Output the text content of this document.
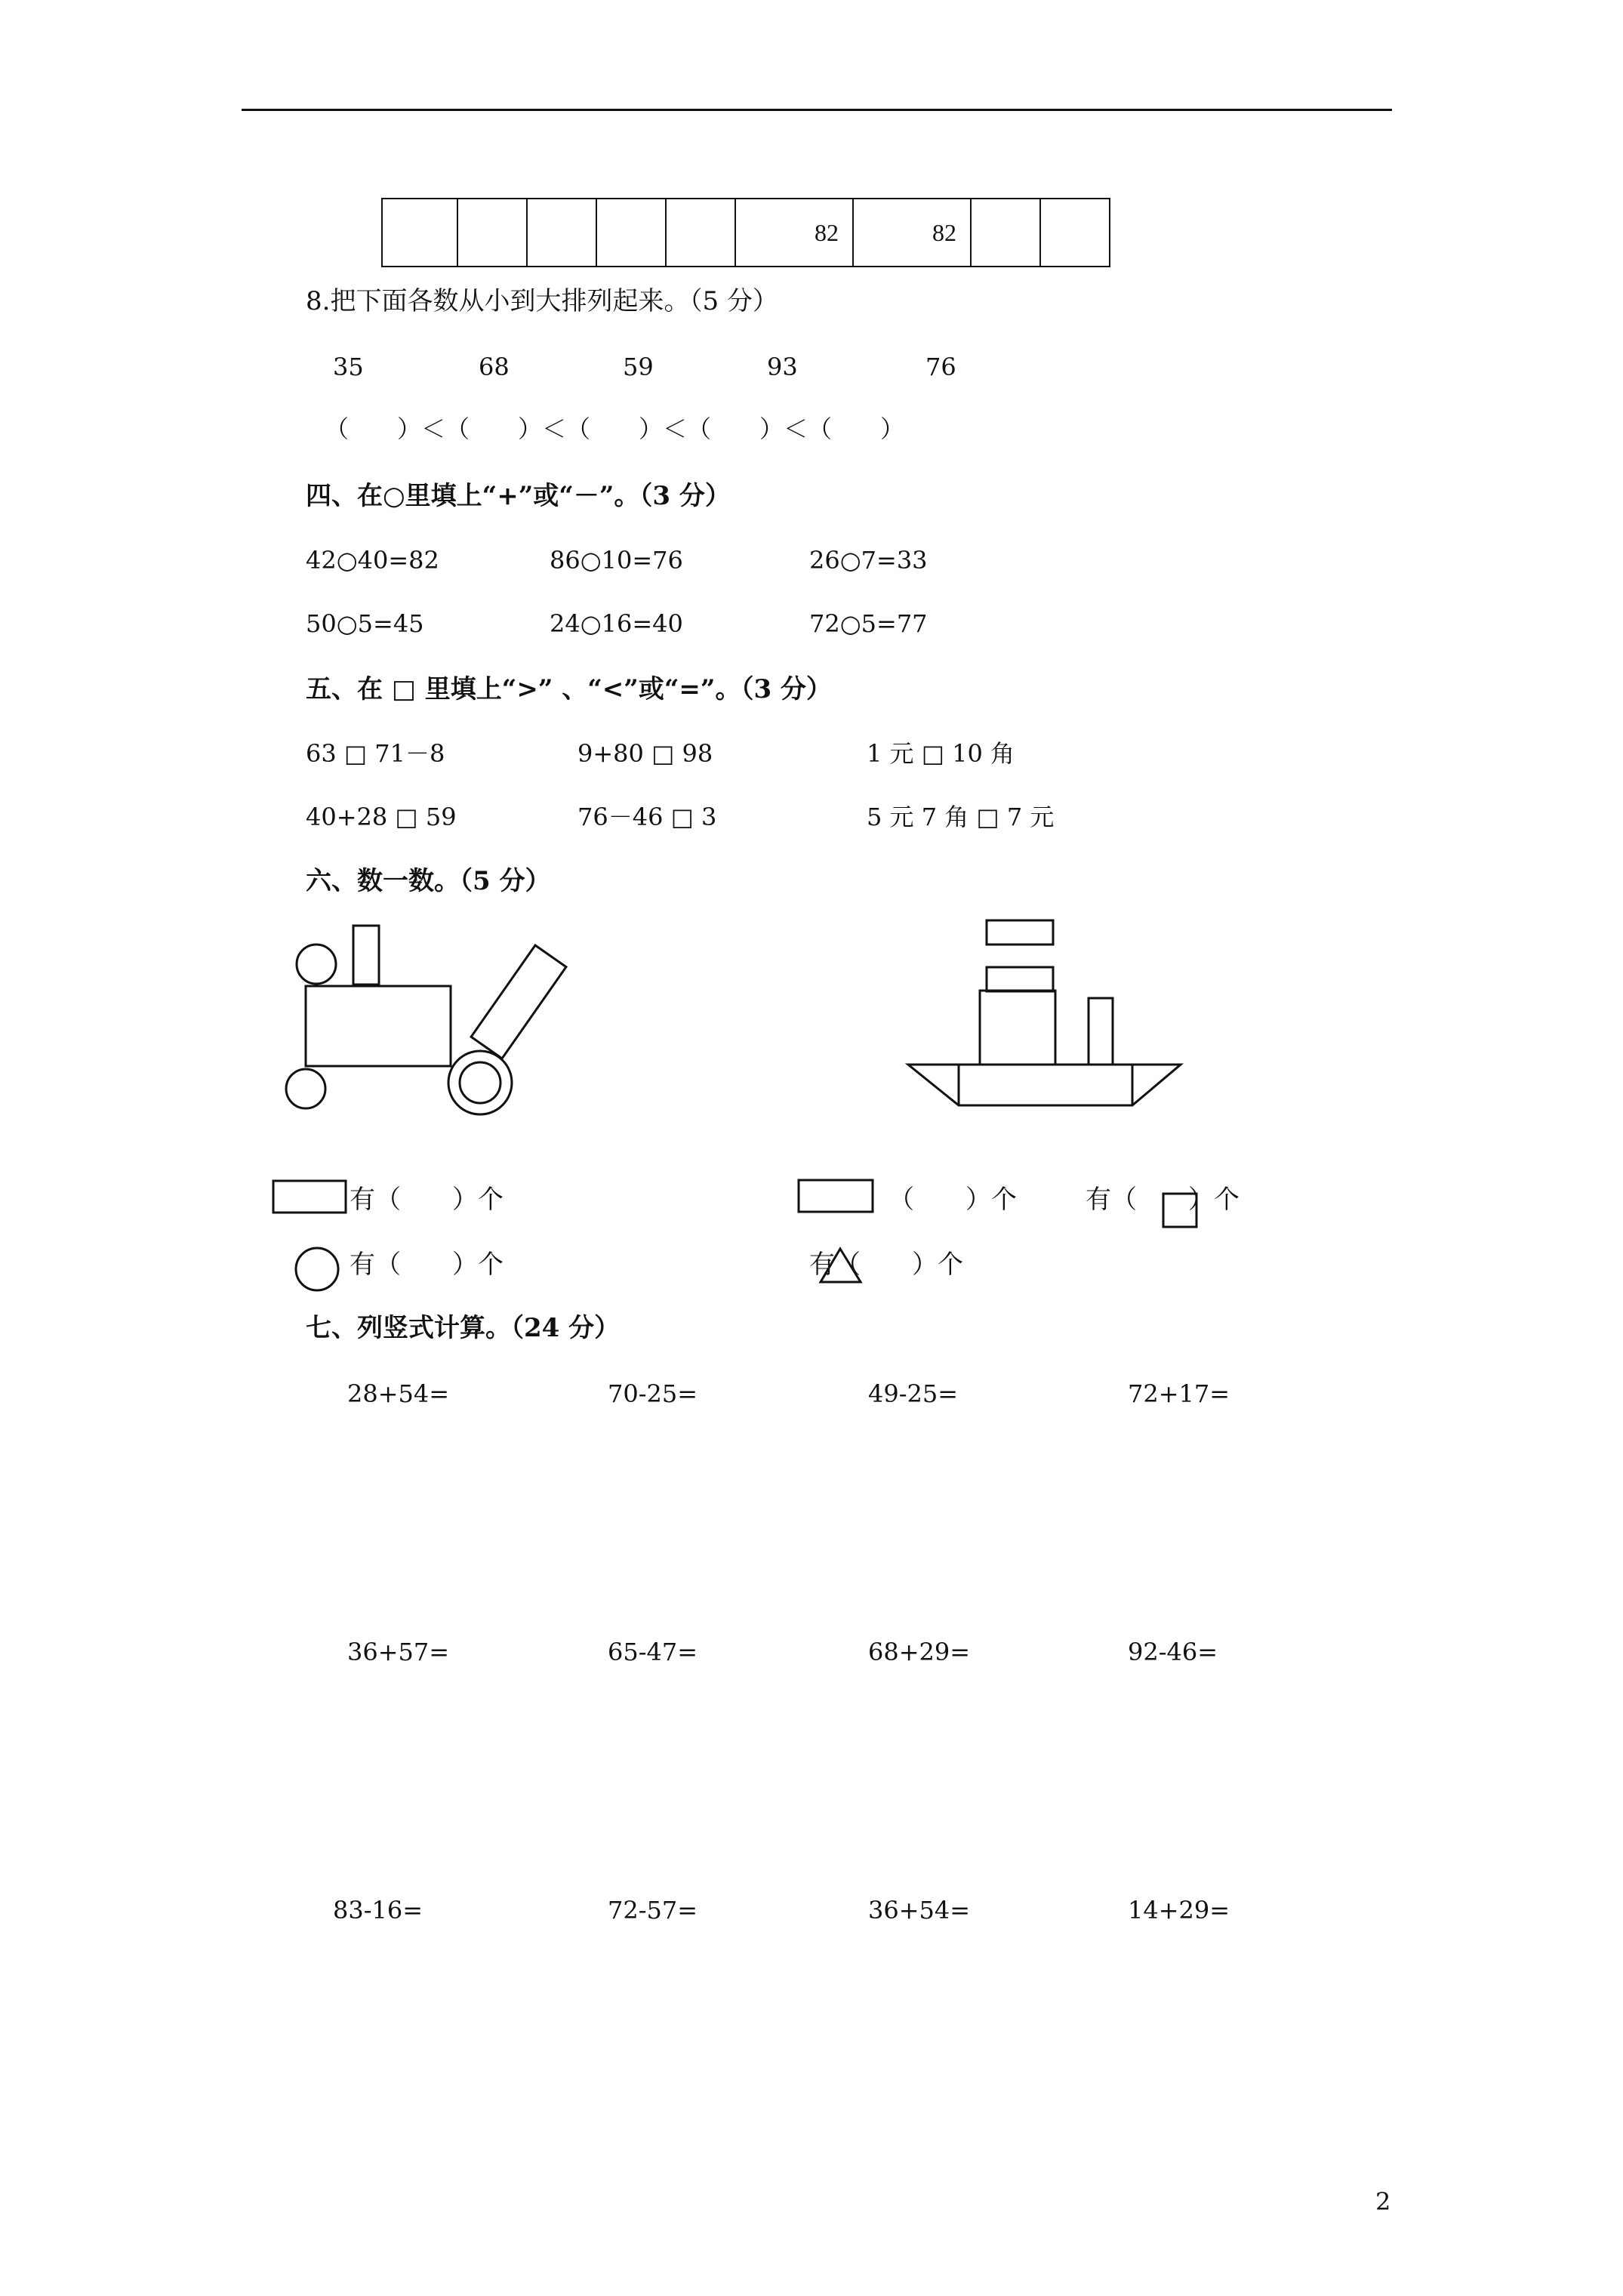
					82	82		
8.把下面各数从小到大排列起来。（5 分）
35	68	59	93	76
（　　）＜（　　）＜（　　）＜（　　）＜（　　）
四、在○里填上“+”或“－”。（3 分）
42○40=82	86○10=76	26○7=33
50○5=45	24○16=40	72○5=77
五、在 □ 里填上“>” 、“<”或“=”。（3 分）
63 □ 71－8	9+80 □ 98	1 元 □ 10 角
40+28 □ 59	76－46 □ 3	5 元 7 角 □ 7 元
六、数一数。（5 分）
有（　　）个	　（　　）个	有（　　）个
有（　　）个	有（　　）个

七、列竖式计算。（24 分）
28+54=	70-25=	49-25=	72+17=
36+57=	65-47=	68+29=	92-46=
83-16=	72-57=	36+54=	14+29=
2
